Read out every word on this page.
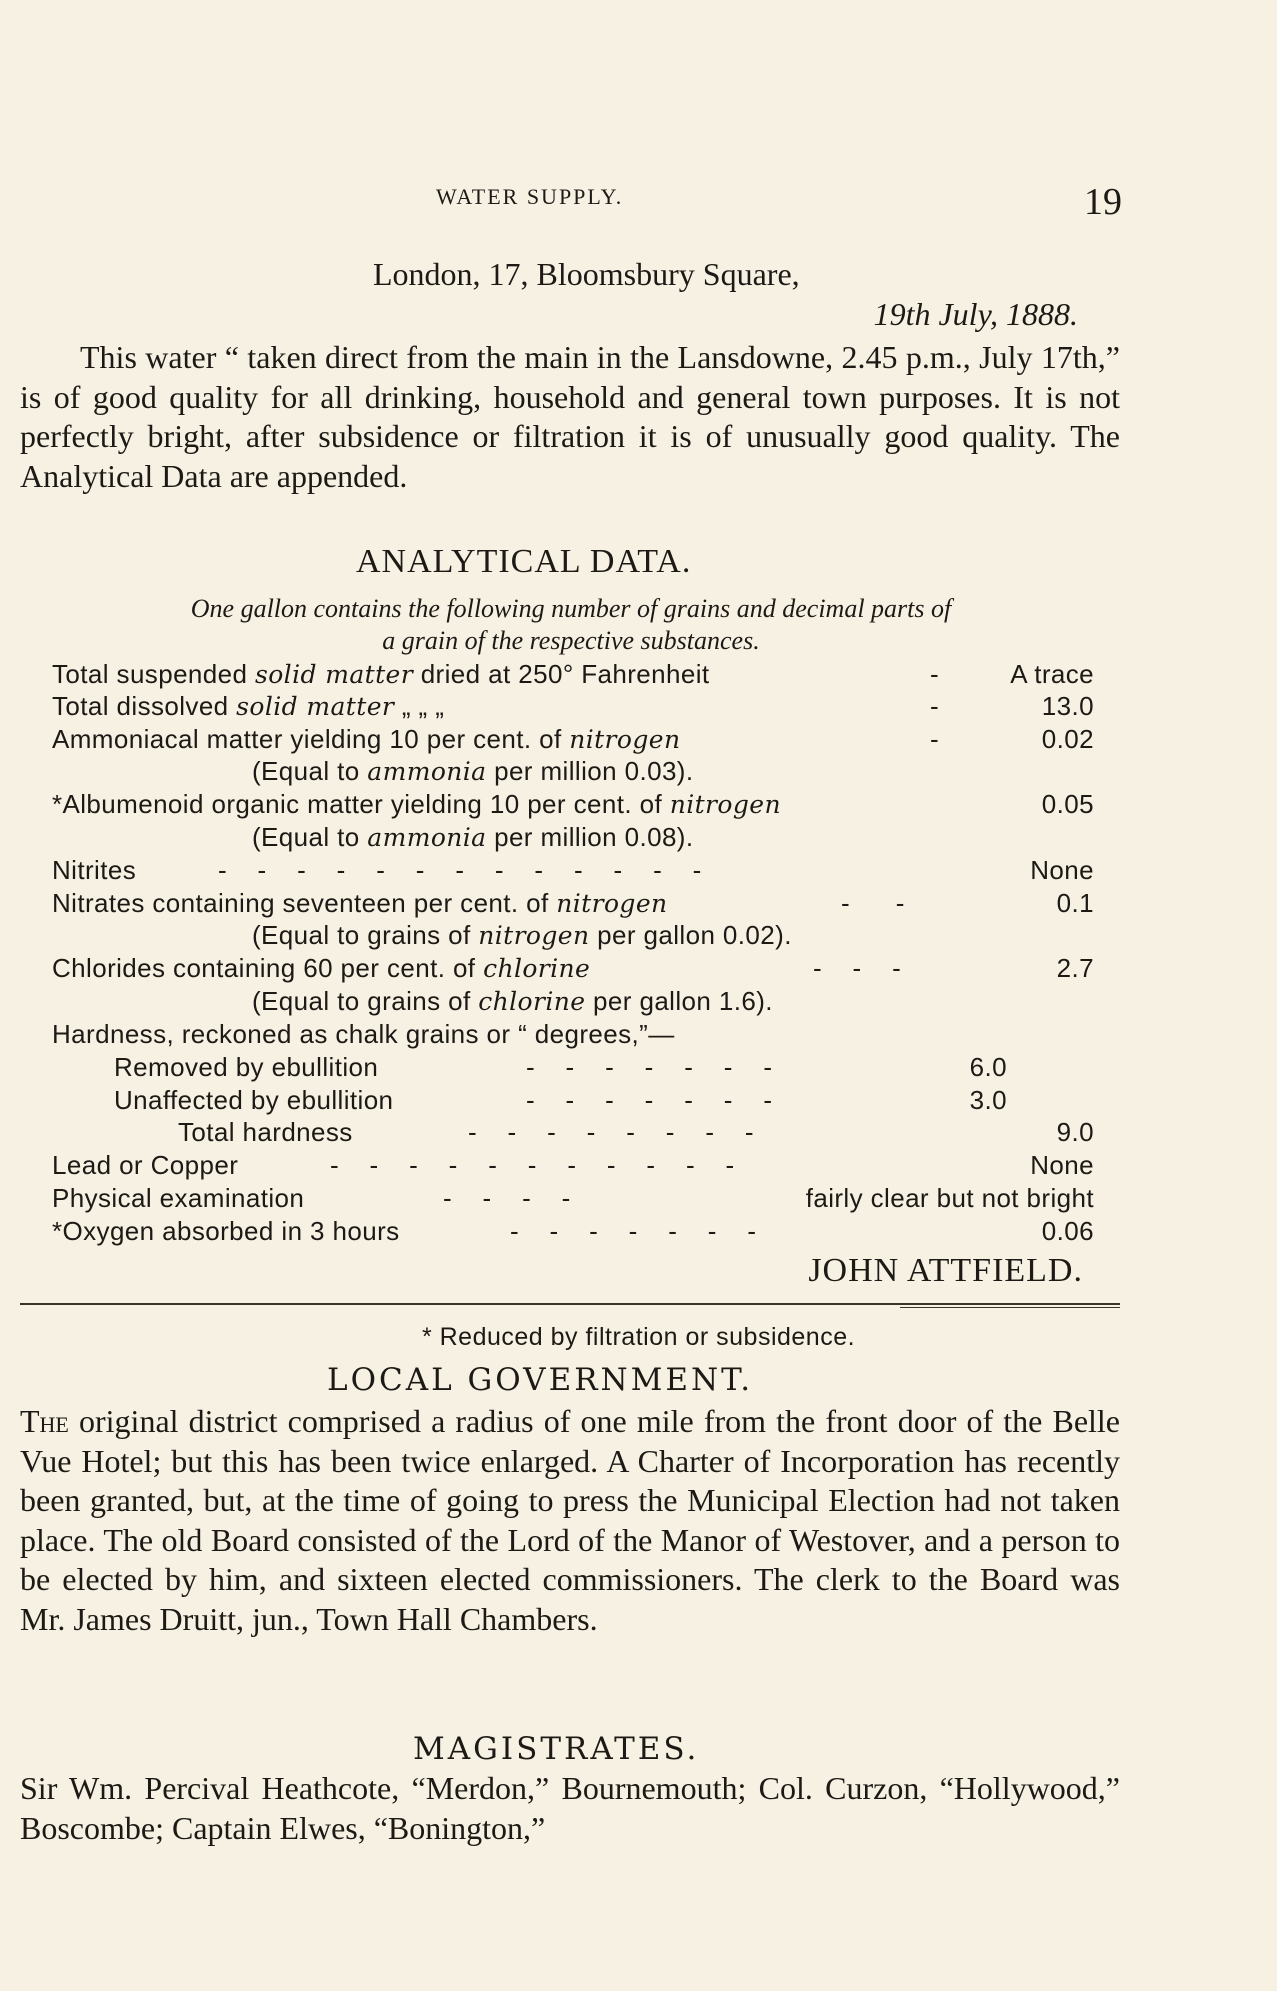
WATER SUPPLY.	19
London, 17, Bloomsbury Square,
19th July, 1888.
This water “ taken direct from the main in the Lansdowne, 2.45 p.m., July 17th,” is of good quality for all drinking, household and general town purposes. It is not perfectly bright, after subsidence or filtration it is of unusually good quality. The Analytical Data are appended.
ANALYTICAL DATA.
One gallon contains the following number of grains and decimal parts of
a grain of the respective substances.
Total suspended solid matter dried at 250° Fahrenheit	-	A trace
Total dissolved solid matter „ „ „	-	13.0
Ammoniacal matter yielding 10 per cent. of nitrogen	-	0.02
(Equal to ammonia per million 0.03).
*Albumenoid organic matter yielding 10 per cent. of nitrogen	0.05
(Equal to ammonia per million 0.08).
Nitrites	-    -    -    -    -    -    -    -    -    -    -    -    -	None
Nitrates containing seventeen per cent. of nitrogen	-      -	0.1
(Equal to grains of nitrogen per gallon 0.02).
Chlorides containing 60 per cent. of chlorine	-    -    -	2.7
(Equal to grains of chlorine per gallon 1.6).
Hardness, reckoned as chalk grains or “ degrees,”—
Removed by ebullition	-    -    -    -    -    -    -	6.0
Unaffected by ebullition	-    -    -    -    -    -    -	3.0
Total hardness	-    -    -    -    -    -    -    -	9.0
Lead or Copper	-    -    -    -    -    -    -    -    -    -    -	None
Physical examination	-    -    -    -	fairly clear but not bright
*Oxygen absorbed in 3 hours	-    -    -    -    -    -    -	0.06
JOHN ATTFIELD.
* Reduced by filtration or subsidence.
LOCAL GOVERNMENT.
The original district comprised a radius of one mile from the front door of the Belle Vue Hotel; but this has been twice enlarged. A Charter of Incorporation has recently been granted, but, at the time of going to press the Municipal Election had not taken place. The old Board consisted of the Lord of the Manor of Westover, and a person to be elected by him, and sixteen elected commissioners. The clerk to the Board was Mr. James Druitt, jun., Town Hall Chambers.
MAGISTRATES.
Sir Wm. Percival Heathcote, “Merdon,” Bournemouth; Col. Curzon, “Hollywood,” Boscombe; Captain Elwes, “Bonington,”
